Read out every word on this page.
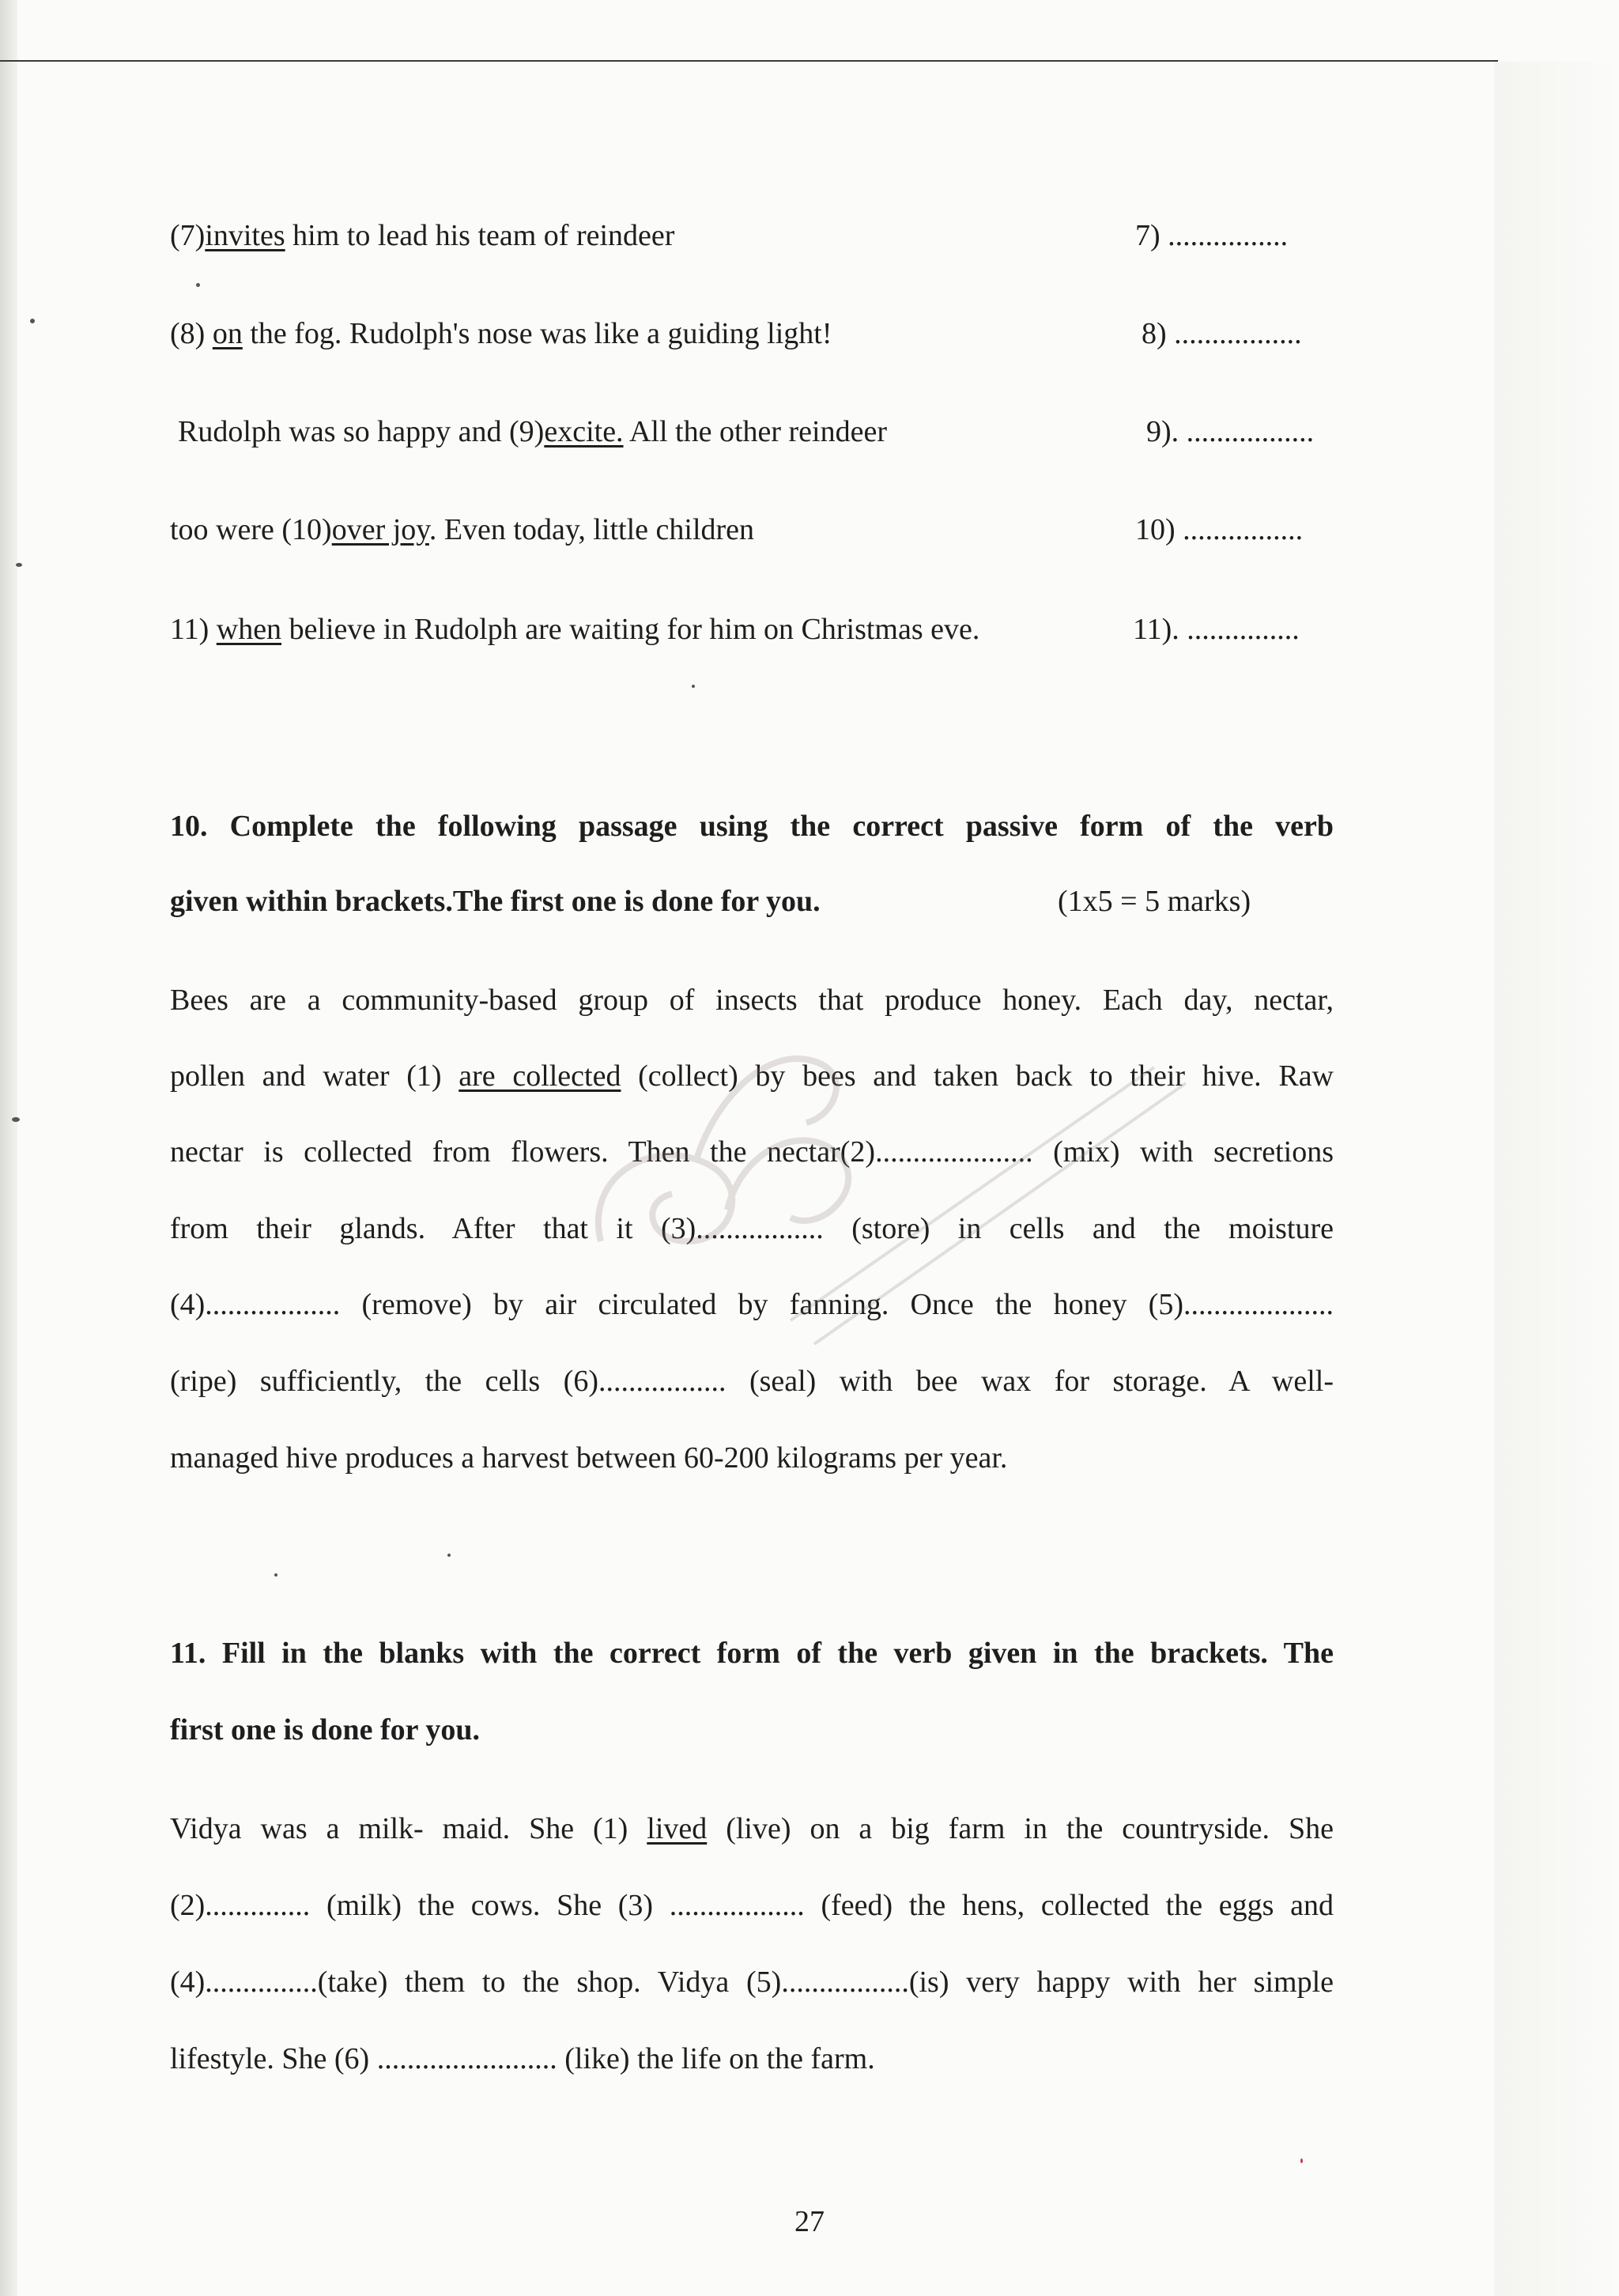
(7)invites him to lead his team of reindeer	7) ................
(8) on the fog. Rudolph's nose was like a guiding light!	8) .................
Rudolph was so happy and (9)excite. All the other reindeer	9). .................
too were (10)over joy. Even today, little children	10) ................
11) when believe in Rudolph are waiting for him on Christmas eve.	11). ...............
10. Complete the following passage using the correct passive form of the verb
given within brackets.The first one is done for you.	(1x5 = 5 marks)
Bees are a community-based group of insects that produce honey. Each day, nectar,
pollen and water (1) are collected (collect) by bees and taken back to their hive. Raw
nectar is collected from flowers. Then the nectar(2)..................... (mix) with secretions
from their glands. After that it (3)................. (store) in cells and the moisture
(4).................. (remove) by air circulated by fanning. Once the honey (5)....................
(ripe) sufficiently, the cells (6)................. (seal) with bee wax for storage. A well-
managed hive produces a harvest between 60-200 kilograms per year.
11. Fill in the blanks with the correct form of the verb given in the brackets. The
first one is done for you.
Vidya was a milk- maid. She (1) lived (live) on a big farm in the countryside. She
(2).............. (milk) the cows. She (3) .................. (feed) the hens, collected the eggs and
(4)...............(take) them to the shop. Vidya (5).................(is) very happy with her simple
lifestyle. She (6) ........................ (like) the life on the farm.
27
